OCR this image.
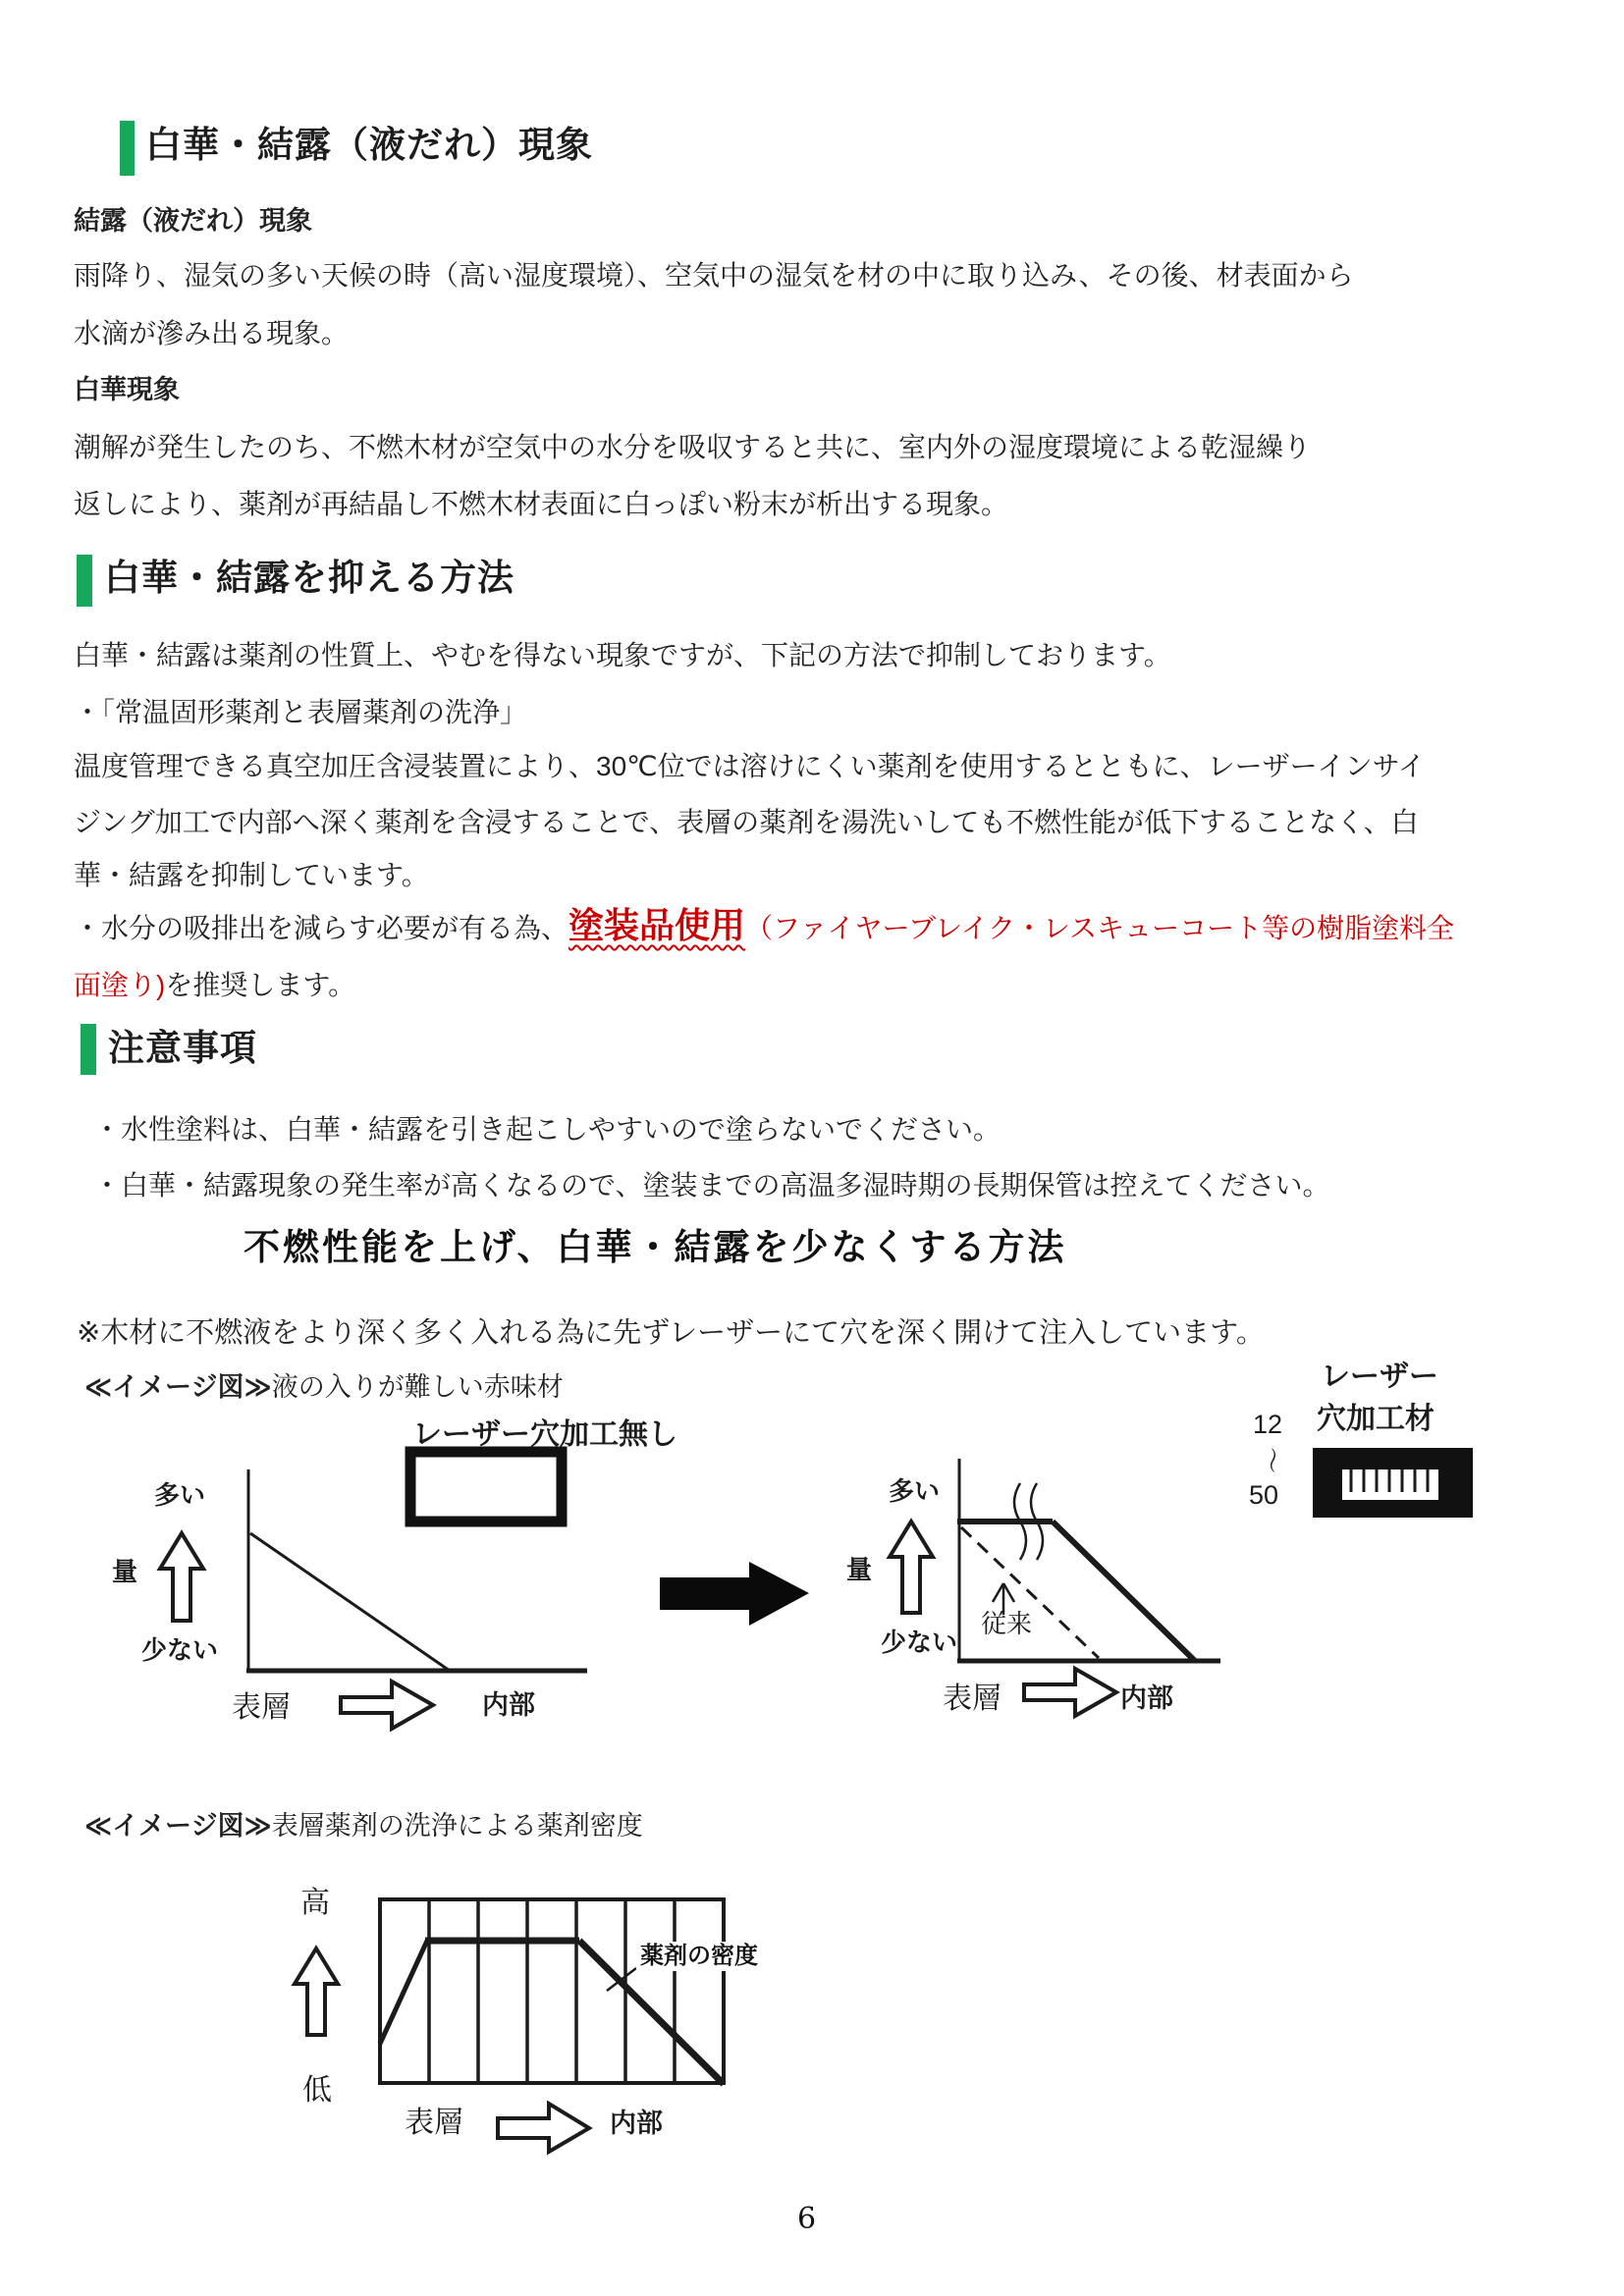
白華・結露（液だれ）現象
結露（液だれ）現象
雨降り、湿気の多い天候の時（高い湿度環境）、空気中の湿気を材の中に取り込み、その後、材表面から
水滴が滲み出る現象。
白華現象
潮解が発生したのち、不燃木材が空気中の水分を吸収すると共に、室内外の湿度環境による乾湿繰り
返しにより、薬剤が再結晶し不燃木材表面に白っぽい粉末が析出する現象。
白華・結露を抑える方法
白華・結露は薬剤の性質上、やむを得ない現象ですが、下記の方法で抑制しております。
・「常温固形薬剤と表層薬剤の洗浄」
温度管理できる真空加圧含浸装置により、30℃位では溶けにくい薬剤を使用するとともに、レーザーインサイ
ジング加工で内部へ深く薬剤を含浸することで、表層の薬剤を湯洗いしても不燃性能が低下することなく、白
華・結露を抑制しています。
・水分の吸排出を減らす必要が有る為、塗装品使用（ファイヤーブレイク・レスキューコート等の樹脂塗料全
面塗り)を推奨します。
注意事項
・水性塗料は、白華・結露を引き起こしやすいので塗らないでください。
・白華・結露現象の発生率が高くなるので、塗装までの高温多湿時期の長期保管は控えてください。
不燃性能を上げ、白華・結露を少なくする方法
※木材に不燃液をより深く多く入れる為に先ずレーザーにて穴を深く開けて注入しています。
≪イメージ図≫液の入りが難しい赤味材
レーザー穴加工無し
多い
量
少ない
表層	内部
多い
量
少ない
従来
表層	内部
レーザー
穴加工材
12
～
50
≪イメージ図≫表層薬剤の洗浄による薬剤密度
高
低
薬剤の密度
表層	内部
6
